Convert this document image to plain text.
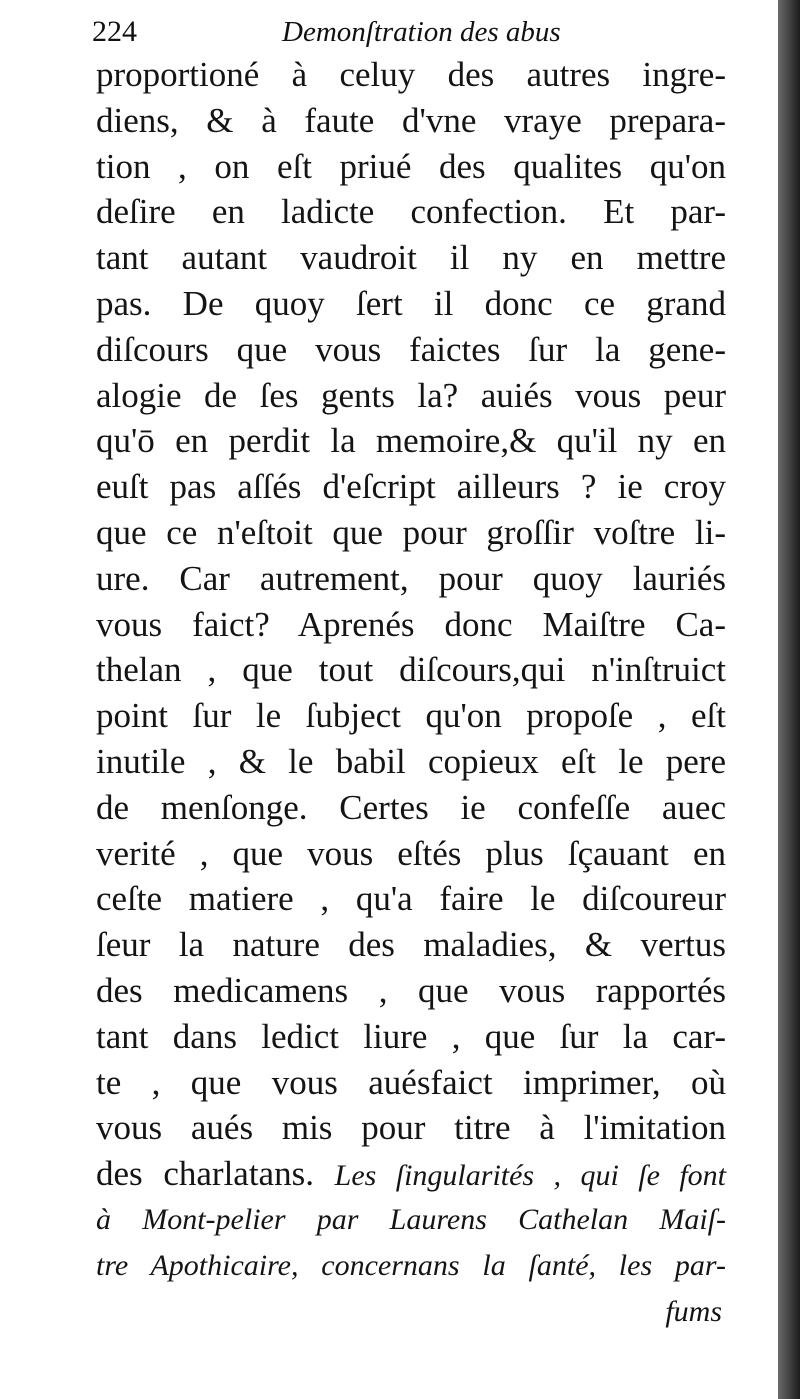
224	Demonſtration des abus
proportioné à celuy des autres ingre-
diens, & à faute d'vne vraye prepara-
tion , on eſt priué des qualites qu'on
deſire en ladicte confection. Et par-
tant autant vaudroit il ny en mettre
pas. De quoy ſert il donc ce grand
diſcours que vous faictes ſur la gene-
alogie de ſes gents la? auiés vous peur
qu'ō en perdit la memoire,& qu'il ny en
euſt pas aſſés d'eſcript ailleurs ? ie croy
que ce n'eſtoit que pour groſſir voſtre li-
ure. Car autrement, pour quoy lauriés
vous faict? Aprenés donc Maiſtre Ca-
thelan , que tout diſcours,qui n'inſtruict
point ſur le ſubject qu'on propoſe , eſt
inutile , & le babil copieux eſt le pere
de menſonge. Certes ie confeſſe auec
verité , que vous eſtés plus ſçauant en
ceſte matiere , qu'a faire le diſcoureur
ſeur la nature des maladies, & vertus
des medicamens , que vous rapportés
tant dans ledict liure , que ſur la car-
te , que vous auésfaict imprimer, où
vous aués mis pour titre à l'imitation
des charlatans. Les ſingularités , qui ſe font
à Mont-pelier par Laurens Cathelan Maiſ-
tre Apothicaire, concernans la ſanté, les par-
fums
